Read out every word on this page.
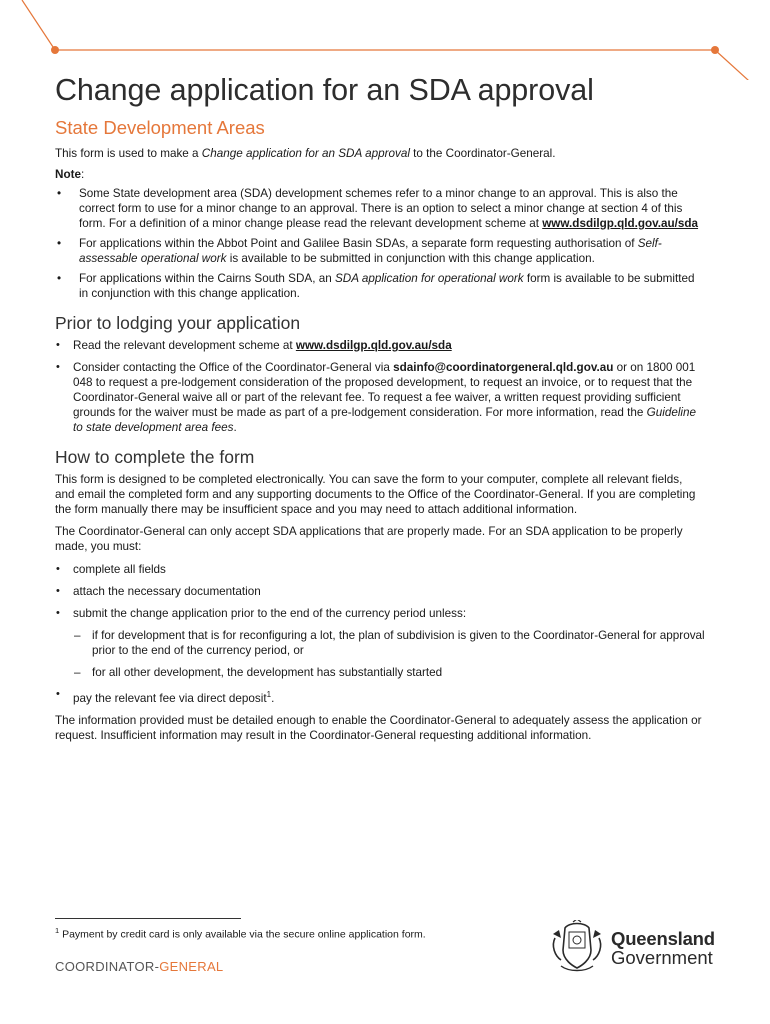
Change application for an SDA approval
State Development Areas

This form is used to make a Change application for an SDA approval to the Coordinator-General.

Note:

• Some State development area (SDA) development schemes refer to a minor change to an approval. This is also the correct form to use for a minor change to an approval. There is an option to select a minor change at section 4 of this form. For a definition of a minor change please read the relevant development scheme at www.dsdilgp.qld.gov.au/sda
• For applications within the Abbot Point and Galilee Basin SDAs, a separate form requesting authorisation of Self-assessable operational work is available to be submitted in conjunction with this change application.
• For applications within the Cairns South SDA, an SDA application for operational work form is available to be submitted in conjunction with this change application.
Prior to lodging your application
• Read the relevant development scheme at www.dsdilgp.qld.gov.au/sda
• Consider contacting the Office of the Coordinator-General via sdainfo@coordinatorgeneral.qld.gov.au or on 1800 001 048 to request a pre-lodgement consideration of the proposed development, to request an invoice, or to request that the Coordinator-General waive all or part of the relevant fee. To request a fee waiver, a written request providing sufficient grounds for the waiver must be made as part of a pre-lodgement consideration. For more information, read the Guideline to state development area fees.
How to complete the form

This form is designed to be completed electronically. You can save the form to your computer, complete all relevant fields, and email the completed form and any supporting documents to the Office of the Coordinator-General. If you are completing the form manually there may be insufficient space and you may need to attach additional information.

The Coordinator-General can only accept SDA applications that are properly made. For an SDA application to be properly made, you must:

• complete all fields
• attach the necessary documentation
• submit the change application prior to the end of the currency period unless:
– if for development that is for reconfiguring a lot, the plan of subdivision is given to the Coordinator-General for approval prior to the end of the currency period, or
– for all other development, the development has substantially started
• pay the relevant fee via direct deposit$^1$.

The information provided must be detailed enough to enable the Coordinator-General to adequately assess the application or request. Insufficient information may result in the Coordinator-General requesting additional information.

$^1$ Payment by credit card is only available via the secure online application form.
COORDINATOR-GENERAL
Queensland
Government
